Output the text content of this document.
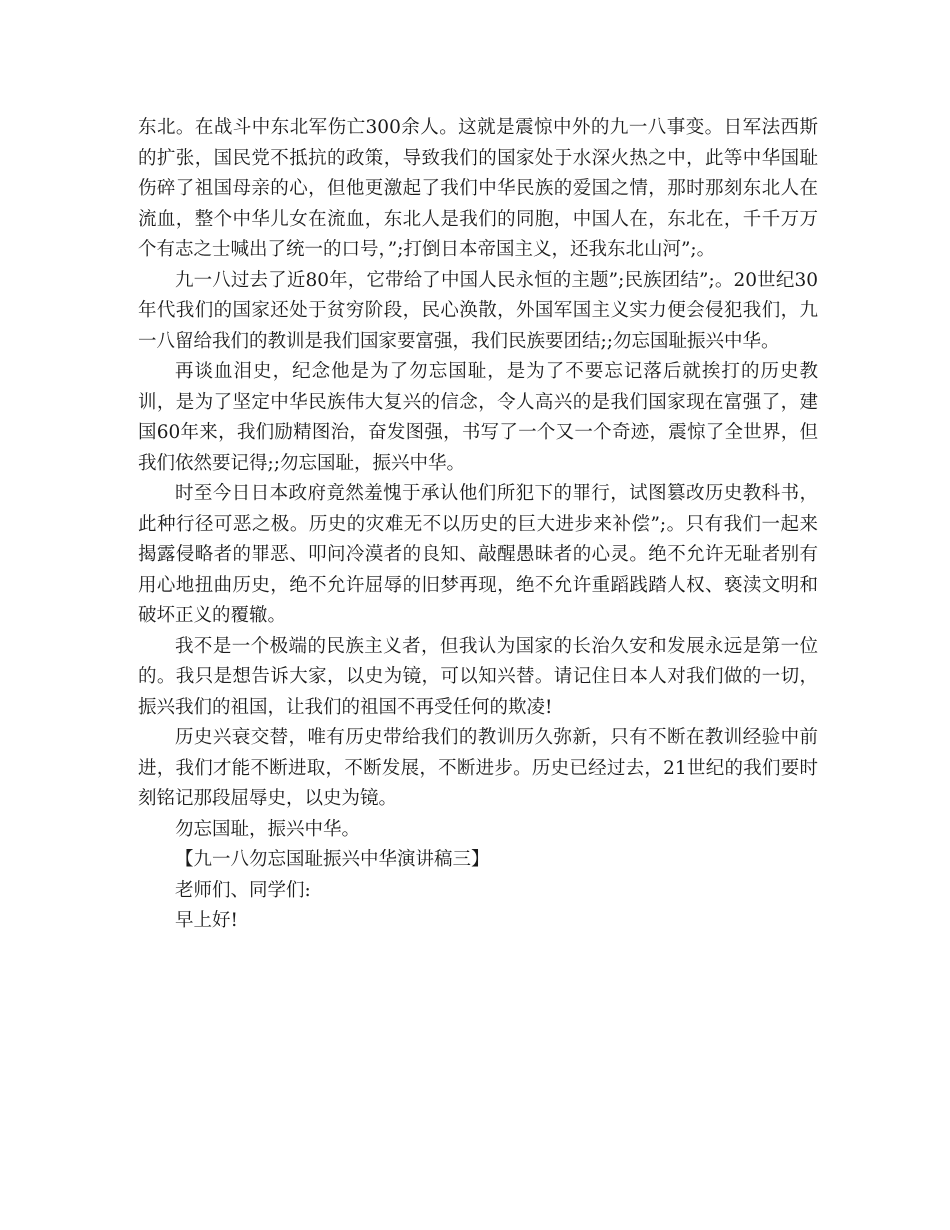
东北。在战斗中东北军伤亡300余人。这就是震惊中外的九一八事变。日军法西斯的扩张，国民党不抵抗的政策，导致我们的国家处于水深火热之中，此等中华国耻伤碎了祖国母亲的心，但他更激起了我们中华民族的爱国之情，那时那刻东北人在流血，整个中华儿女在流血，东北人是我们的同胞，中国人在，东北在，千千万万个有志之士喊出了统一的口号，”;打倒日本帝国主义，还我东北山河”;。

九一八过去了近80年，它带给了中国人民永恒的主题”;民族团结”;。20世纪30年代我们的国家还处于贫穷阶段，民心涣散，外国军国主义实力便会侵犯我们，九一八留给我们的教训是我们国家要富强，我们民族要团结;;勿忘国耻振兴中华。

再谈血泪史，纪念他是为了勿忘国耻，是为了不要忘记落后就挨打的历史教训，是为了坚定中华民族伟大复兴的信念，令人高兴的是我们国家现在富强了，建国60年来，我们励精图治，奋发图强，书写了一个又一个奇迹，震惊了全世界，但我们依然要记得;;勿忘国耻，振兴中华。

时至今日日本政府竟然羞愧于承认他们所犯下的罪行，试图篡改历史教科书，此种行径可恶之极。历史的灾难无不以历史的巨大进步来补偿”;。只有我们一起来揭露侵略者的罪恶、叩问冷漠者的良知、敲醒愚昧者的心灵。绝不允许无耻者别有用心地扭曲历史，绝不允许屈辱的旧梦再现，绝不允许重蹈践踏人权、亵渎文明和破坏正义的覆辙。

我不是一个极端的民族主义者，但我认为国家的长治久安和发展永远是第一位的。我只是想告诉大家，以史为镜，可以知兴替。请记住日本人对我们做的一切，振兴我们的祖国，让我们的祖国不再受任何的欺凌!

历史兴衰交替，唯有历史带给我们的教训历久弥新，只有不断在教训经验中前进，我们才能不断进取，不断发展，不断进步。历史已经过去，21世纪的我们要时刻铭记那段屈辱史，以史为镜。

勿忘国耻，振兴中华。

【九一八勿忘国耻振兴中华演讲稿三】

老师们、同学们:

早上好!
